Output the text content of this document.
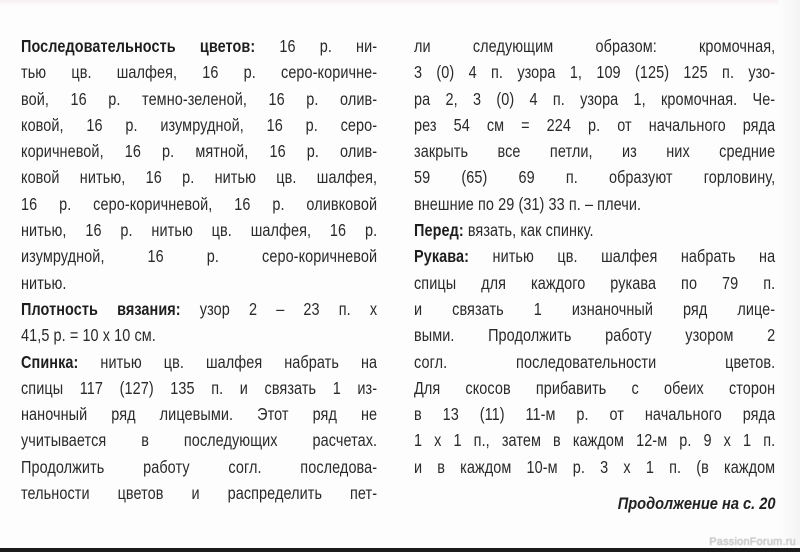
Последовательность цветов: 16 р. ни-
тью цв. шалфея, 16 р. серо-коричне-
вой, 16 р. темно-зеленой, 16 р. олив-
ковой, 16 р. изумрудной, 16 р. серо-
коричневой, 16 р. мятной, 16 р. олив-
ковой нитью, 16 р. нитью цв. шалфея,
16 р. серо-коричневой, 16 р. оливковой
нитью, 16 р. нитью цв. шалфея, 16 р.
изумрудной, 16 р. серо-коричневой
нитью.
Плотность вязания: узор 2 – 23 п. х
41,5 р. = 10 х 10 см.
Спинка: нитью цв. шалфея набрать на
спицы 117 (127) 135 п. и связать 1 из-
наночный ряд лицевыми. Этот ряд не
учитывается в последующих расчетах.
Продолжить работу согл. последова-
тельности цветов и распределить пет-
ли следующим образом: кромочная,
3 (0) 4 п. узора 1, 109 (125) 125 п. узо-
ра 2, 3 (0) 4 п. узора 1, кромочная. Че-
рез 54 см = 224 р. от начального ряда
закрыть все петли, из них средние
59 (65) 69 п. образуют горловину,
внешние по 29 (31) 33 п. – плечи.
Перед: вязать, как спинку.
Рукава: нитью цв. шалфея набрать на
спицы для каждого рукава по 79 п.
и связать 1 изнаночный ряд лице-
выми. Продолжить работу узором 2
согл. последовательности цветов.
Для скосов прибавить с обеих сторон
в 13 (11) 11-м р. от начального ряда
1 х 1 п., затем в каждом 12-м р. 9 х 1 п.
и в каждом 10-м р. 3 х 1 п. (в каждом
Продолжение на с. 20
PassionForum.ru
